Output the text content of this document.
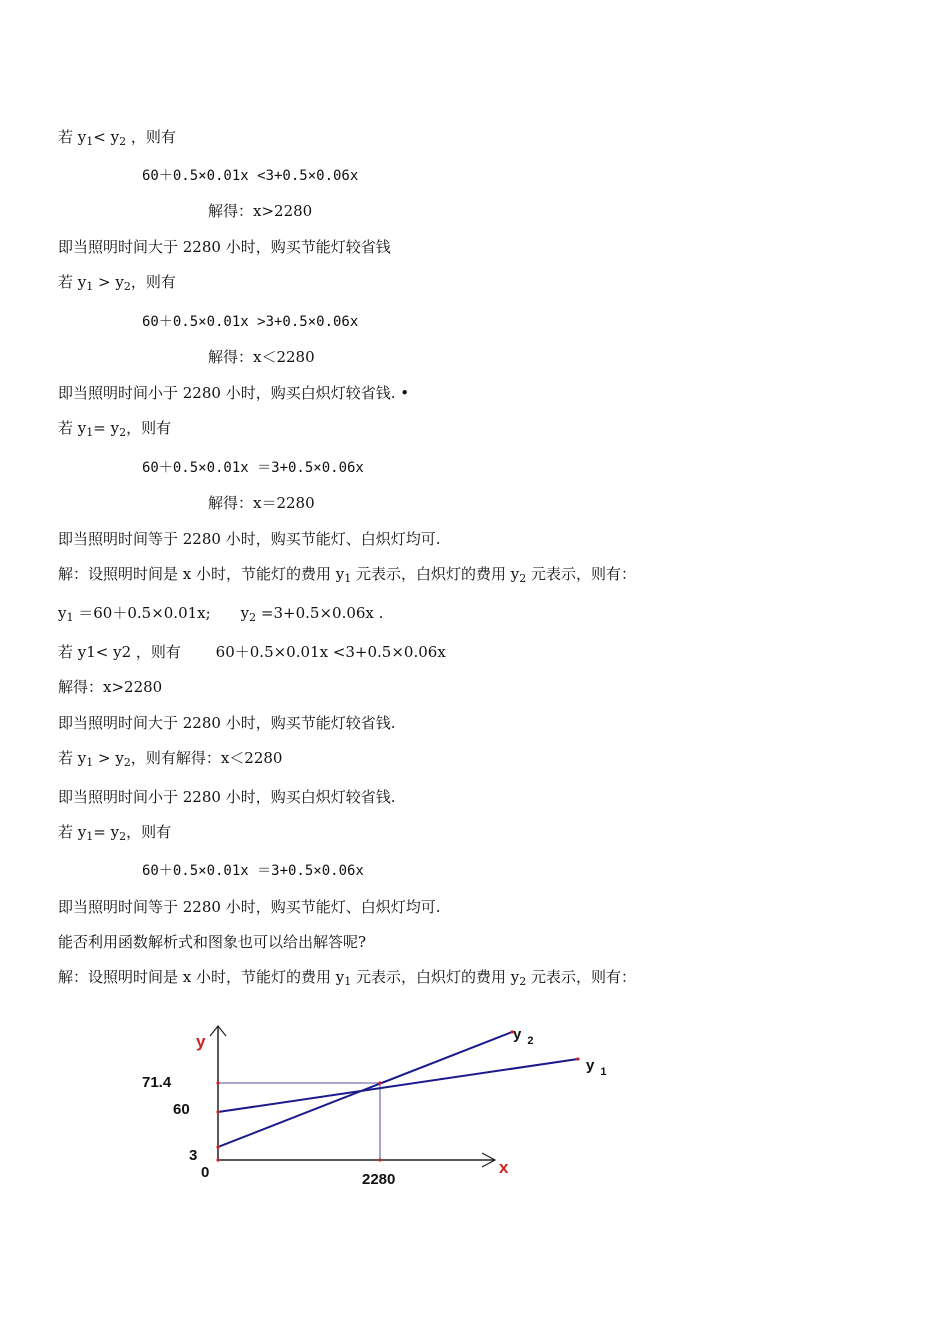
若 $y_1< y_2$ ，则有
60＋0.5×0.01x <3+0.5×0.06x
解得：x>2280
即当照明时间大于 2280 小时，购买节能灯较省钱
若 $y_1 > y_2$，则有
60＋0.5×0.01x >3+0.5×0.06x
解得：x＜2280
即当照明时间小于 2280 小时，购买白炽灯较省钱. •
若 $y_1= y_2$，则有
60＋0.5×0.01x ＝3+0.5×0.06x
解得：x＝2280
即当照明时间等于 2280 小时，购买节能灯、白炽灯均可.
解：设照明时间是 x 小时，节能灯的费用 $y_1$ 元表示，白炽灯的费用 $y_2$ 元表示，则有：
$y_1 =60+0.5\times 0.01x$;　　$y_2 =3+0.5\times 0.06x$ .
若 y1< y2 ，则有　　 60＋0.5×0.01x <3+0.5×0.06x
解得：x>2280
即当照明时间大于 2280 小时，购买节能灯较省钱.
若 $y_1 > y_2$，则有解得：x＜2280
即当照明时间小于 2280 小时，购买白炽灯较省钱.
若 $y_1= y_2$，则有
60＋0.5×0.01x ＝3+0.5×0.06x
即当照明时间等于 2280 小时，购买节能灯、白炽灯均可.
能否利用函数解析式和图象也可以给出解答呢?
解：设照明时间是 x 小时，节能灯的费用 $y_1$ 元表示，白炽灯的费用 $y_2$ 元表示，则有：
y
x
71.4
60
3
0	2280
y $_2$
y $_1$
